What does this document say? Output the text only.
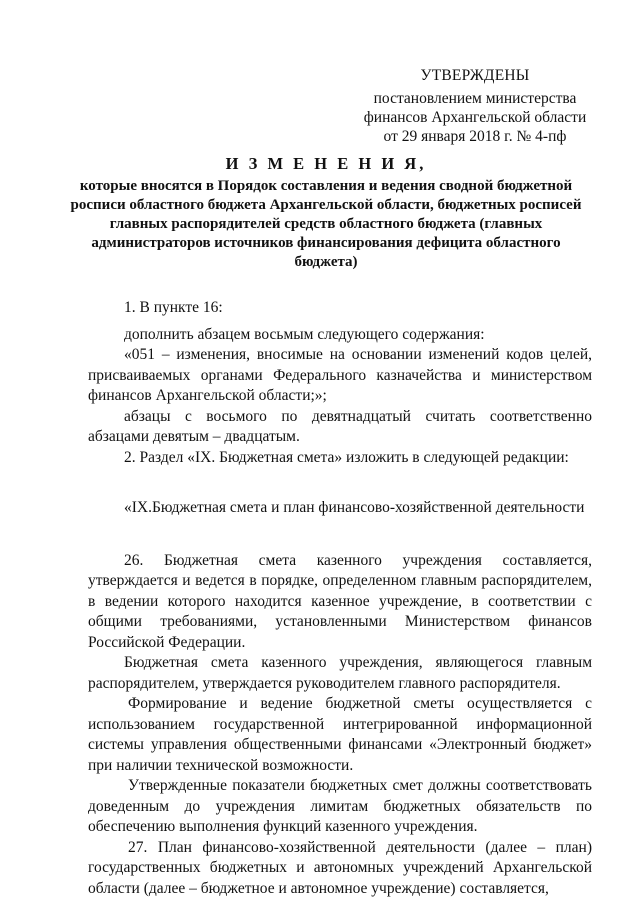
УТВЕРЖДЕНЫ
постановлением министерства
финансов Архангельской области
от 29 января 2018 г. № 4-пф
И З М Е Н Е Н И Я,
которые вносятся в Порядок составления и ведения сводной бюджетной росписи областного бюджета Архангельской области, бюджетных росписей главных распорядителей средств областного бюджета (главных администраторов источников финансирования дефицита областного бюджета)

1. В пункте 16:

дополнить абзацем восьмым следующего содержания:

«051 – изменения, вносимые на основании изменений кодов целей, присваиваемых органами Федерального казначейства и министерством финансов Архангельской области;»;

абзацы с восьмого по девятнадцатый считать соответственно абзацами девятым – двадцатым.

2. Раздел «IX. Бюджетная смета» изложить в следующей редакции:

«IX.Бюджетная смета и план финансово-хозяйственной деятельности

26. Бюджетная смета казенного учреждения составляется, утверждается и ведется в порядке, определенном главным распорядителем, в ведении которого находится казенное учреждение, в соответствии с общими требованиями, установленными Министерством финансов Российской Федерации.

Бюджетная смета казенного учреждения, являющегося главным распорядителем, утверждается руководителем главного распорядителя.

Формирование и ведение бюджетной сметы осуществляется с использованием государственной интегрированной информационной системы управления общественными финансами «Электронный бюджет» при наличии технической возможности.

Утвержденные показатели бюджетных смет должны соответствовать доведенным до учреждения лимитам бюджетных обязательств по обеспечению выполнения функций казенного учреждения.

27. План финансово-хозяйственной деятельности (далее – план) государственных бюджетных и автономных учреждений Архангельской области (далее – бюджетное и автономное учреждение) составляется,
